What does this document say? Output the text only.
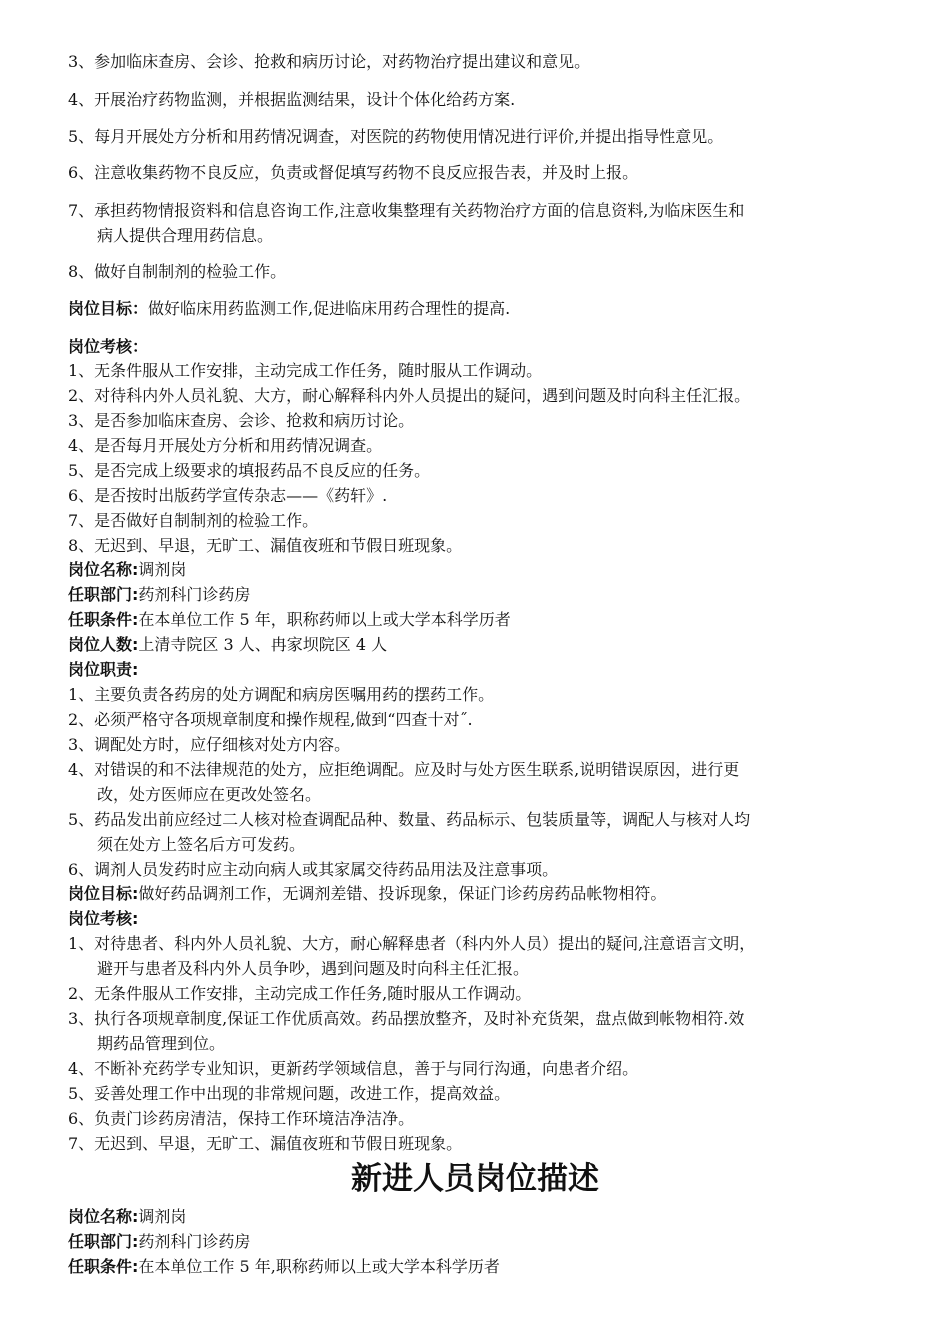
3、参加临床查房、会诊、抢救和病历讨论，对药物治疗提出建议和意见。
4、开展治疗药物监测，并根据监测结果，设计个体化给药方案.
5、每月开展处方分析和用药情况调查，对医院的药物使用情况进行评价,并提出指导性意见。
6、注意收集药物不良反应，负责或督促填写药物不良反应报告表，并及时上报。
7、承担药物情报资料和信息咨询工作,注意收集整理有关药物治疗方面的信息资料,为临床医生和
病人提供合理用药信息。
8、做好自制制剂的检验工作。
岗位目标：做好临床用药监测工作,促进临床用药合理性的提高.
岗位考核：
1、无条件服从工作安排，主动完成工作任务，随时服从工作调动。
2、对待科内外人员礼貌、大方，耐心解释科内外人员提出的疑问，遇到问题及时向科主任汇报。
3、是否参加临床查房、会诊、抢救和病历讨论。
4、是否每月开展处方分析和用药情况调查。
5、是否完成上级要求的填报药品不良反应的任务。
6、是否按时出版药学宣传杂志——《药轩》.
7、是否做好自制制剂的检验工作。
8、无迟到、早退，无旷工、漏值夜班和节假日班现象。
岗位名称:调剂岗
任职部门:药剂科门诊药房
任职条件:在本单位工作 5 年，职称药师以上或大学本科学历者
岗位人数:上清寺院区 3 人、冉家坝院区 4 人
岗位职责:
1、主要负责各药房的处方调配和病房医嘱用药的摆药工作。
2、必须严格守各项规章制度和操作规程,做到“四查十对˝.
3、调配处方时，应仔细核对处方内容。
4、对错误的和不法律规范的处方，应拒绝调配。应及时与处方医生联系,说明错误原因，进行更
改，处方医师应在更改处签名。
5、药品发出前应经过二人核对检查调配品种、数量、药品标示、包装质量等，调配人与核对人均
须在处方上签名后方可发药。
6、调剂人员发药时应主动向病人或其家属交待药品用法及注意事项。
岗位目标:做好药品调剂工作，无调剂差错、投诉现象，保证门诊药房药品帐物相符。
岗位考核:
1、对待患者、科内外人员礼貌、大方，耐心解释患者（科内外人员）提出的疑问,注意语言文明，
避开与患者及科内外人员争吵，遇到问题及时向科主任汇报。
2、无条件服从工作安排，主动完成工作任务,随时服从工作调动。
3、执行各项规章制度,保证工作优质高效。药品摆放整齐，及时补充货架，盘点做到帐物相符.效
期药品管理到位。
4、不断补充药学专业知识，更新药学领域信息，善于与同行沟通，向患者介绍。
5、妥善处理工作中出现的非常规问题，改进工作，提高效益。
6、负责门诊药房清洁，保持工作环境洁净洁净。
7、无迟到、早退，无旷工、漏值夜班和节假日班现象。
新进人员岗位描述
岗位名称:调剂岗
任职部门:药剂科门诊药房
任职条件:在本单位工作 5 年,职称药师以上或大学本科学历者
